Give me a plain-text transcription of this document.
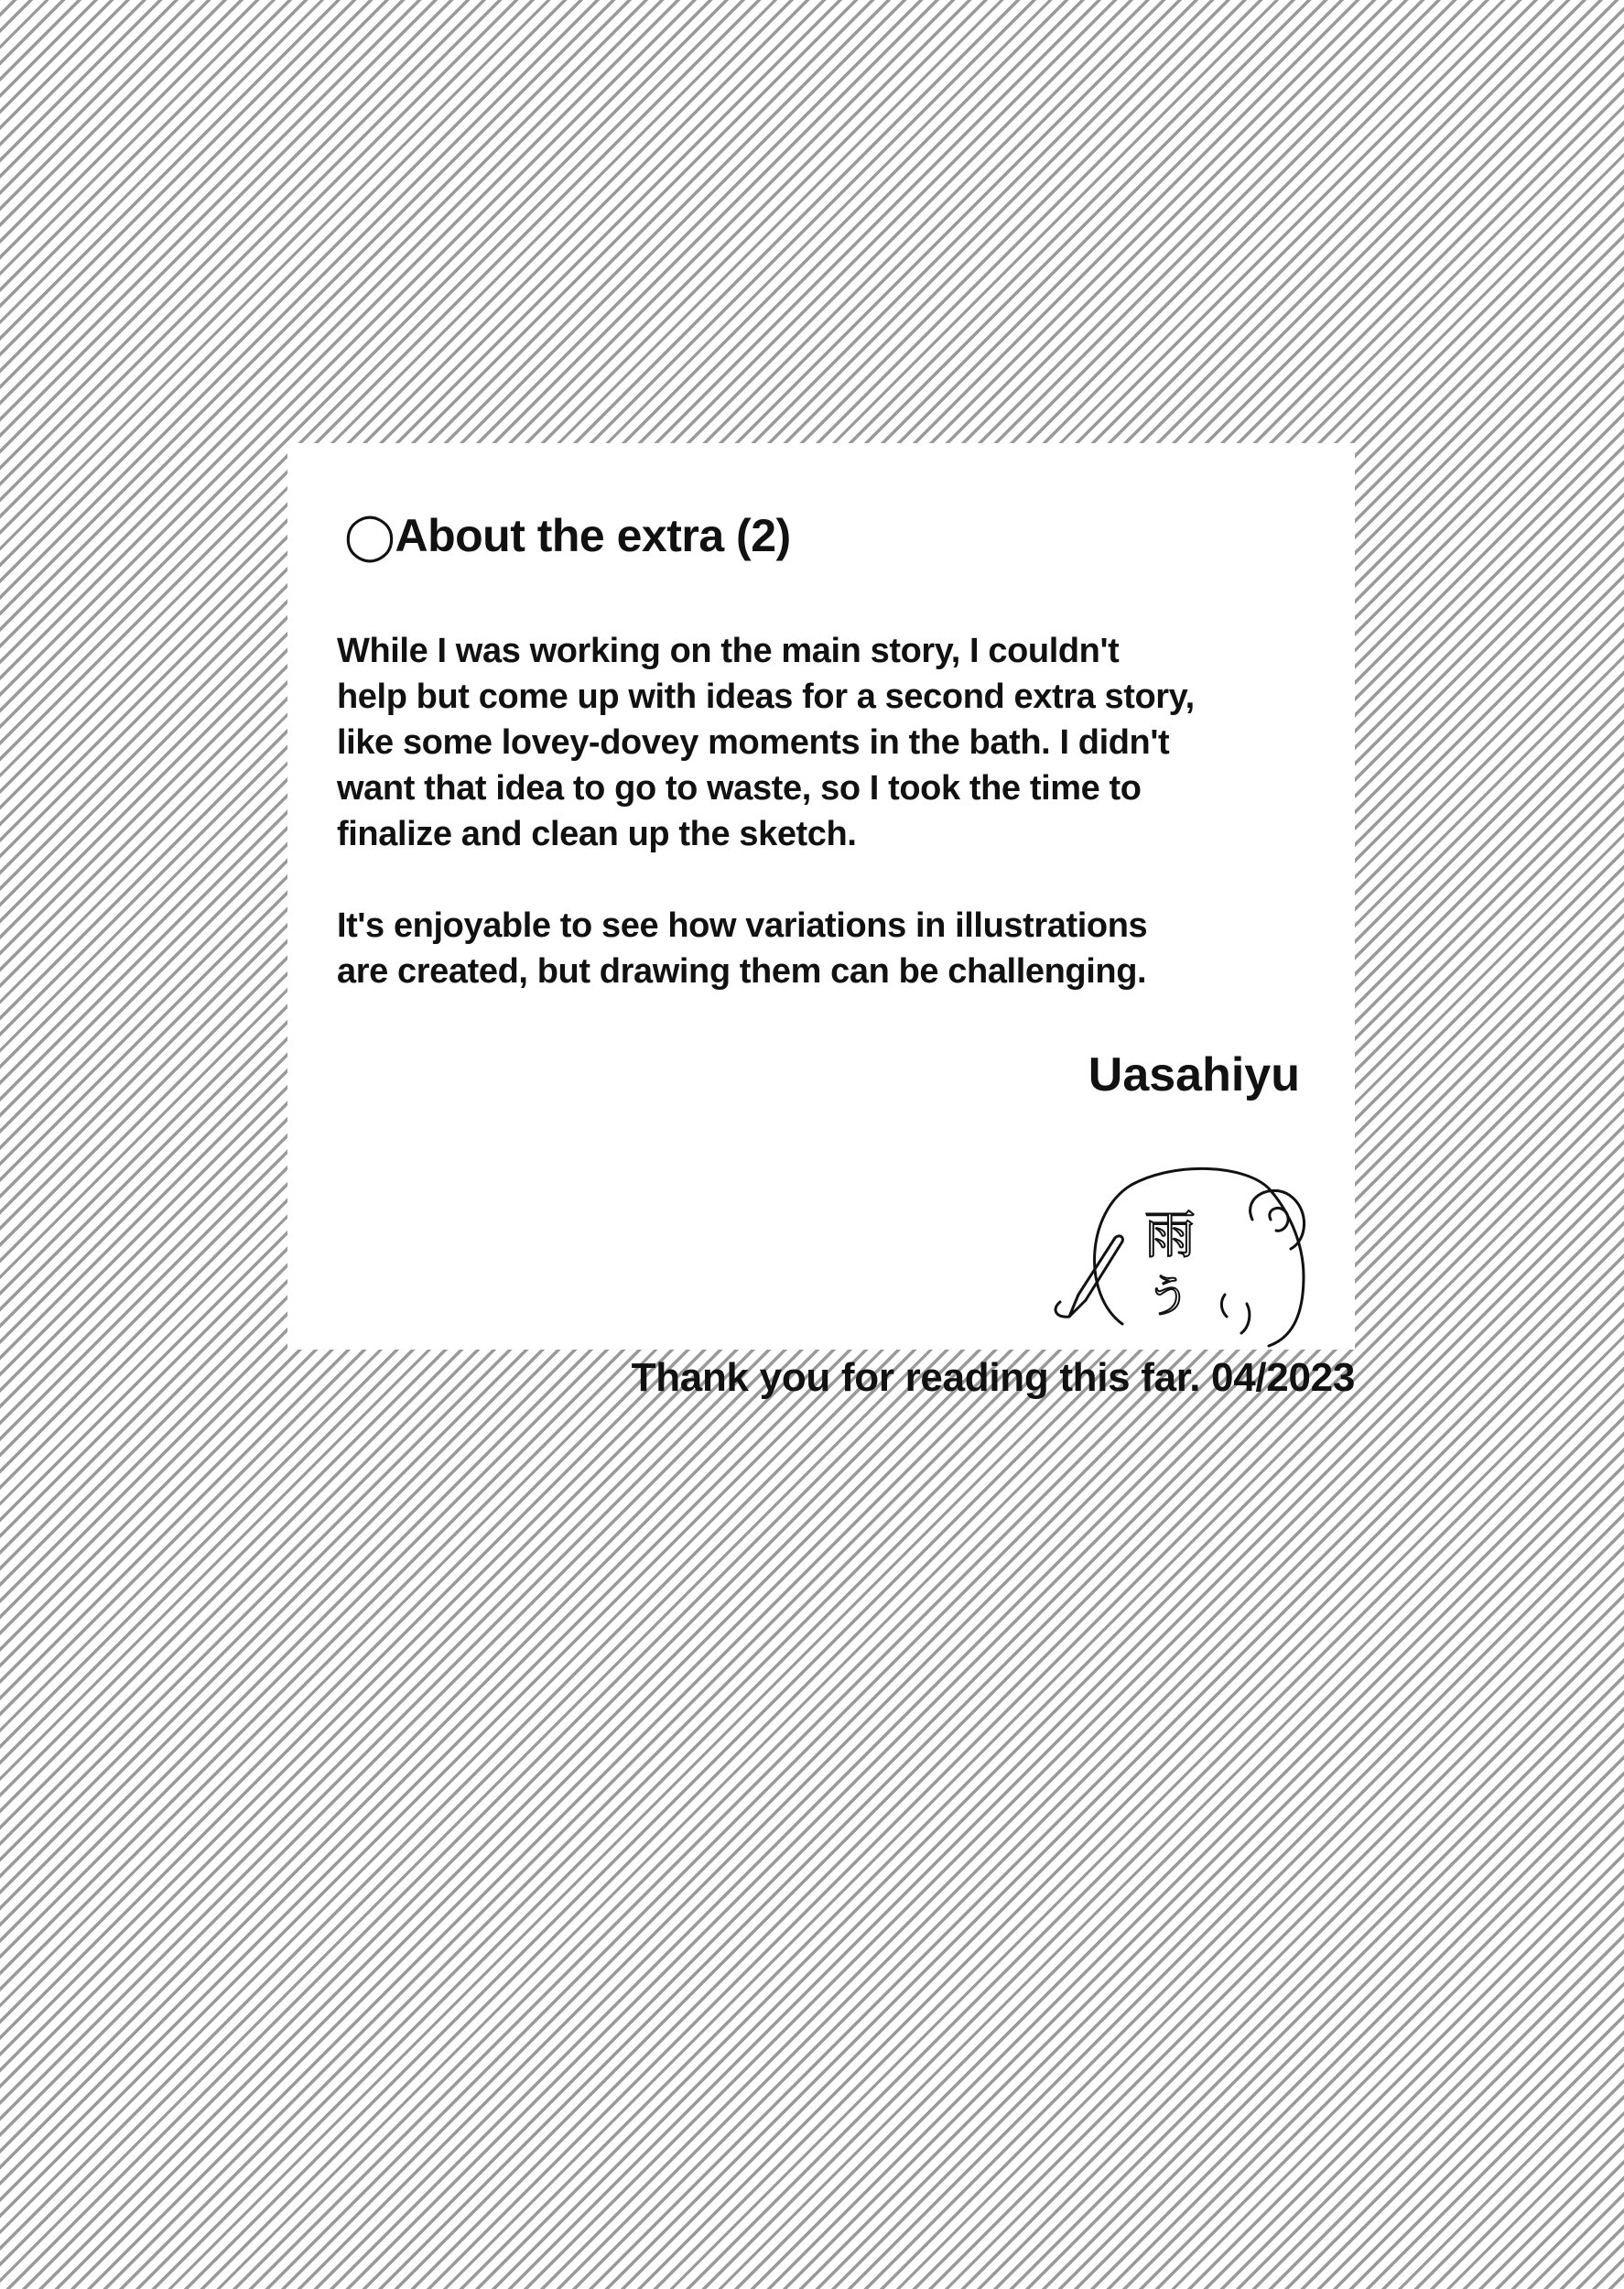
◯About the extra (2)

While I was working on the main story, I couldn't
help but come up with ideas for a second extra story,
like some lovey-dovey moments in the bath. I didn't
want that idea to go to waste, so I took the time to
finalize and clean up the sketch.

It's enjoyable to see how variations in illustrations
are created, but drawing them can be challenging.

Uasahiyu
雨
う
Thank you for reading this far. 04/2023
